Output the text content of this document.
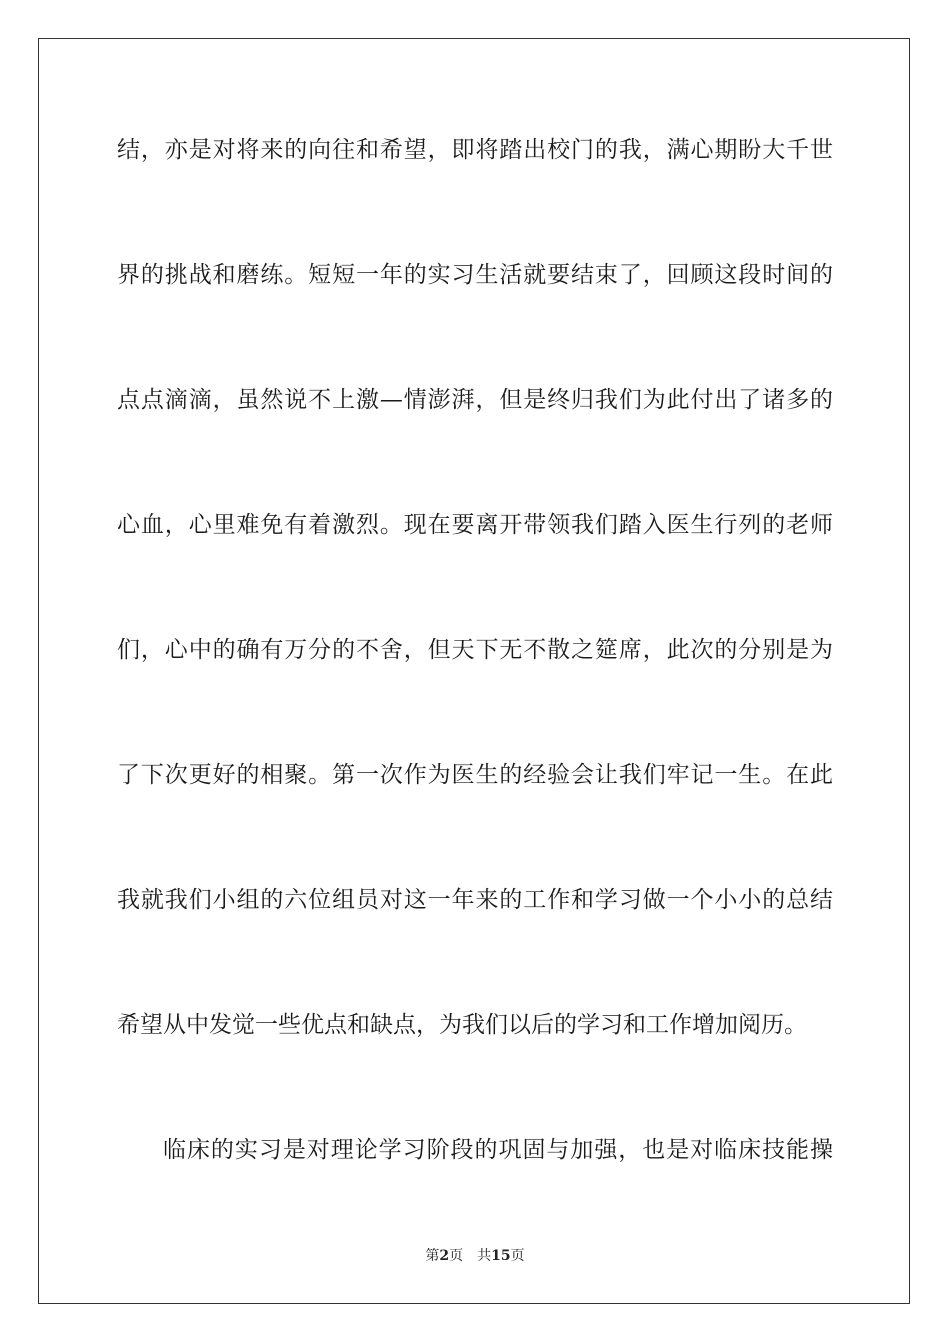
结，亦是对将来的向往和希望，即将踏出校门的我，满心期盼大千世
界的挑战和磨练。短短一年的实习生活就要结束了，回顾这段时间的
点点滴滴，虽然说不上激—情澎湃，但是终归我们为此付出了诸多的
心血，心里难免有着激烈。现在要离开带领我们踏入医生行列的老师
们，心中的确有万分的不舍，但天下无不散之筵席，此次的分别是为
了下次更好的相聚。第一次作为医生的经验会让我们牢记一生。在此
我就我们小组的六位组员对这一年来的工作和学习做一个小小的总结
希望从中发觉一些优点和缺点，为我们以后的学习和工作增加阅历。
临床的实习是对理论学习阶段的巩固与加强，也是对临床技能操
第2页 共15页
